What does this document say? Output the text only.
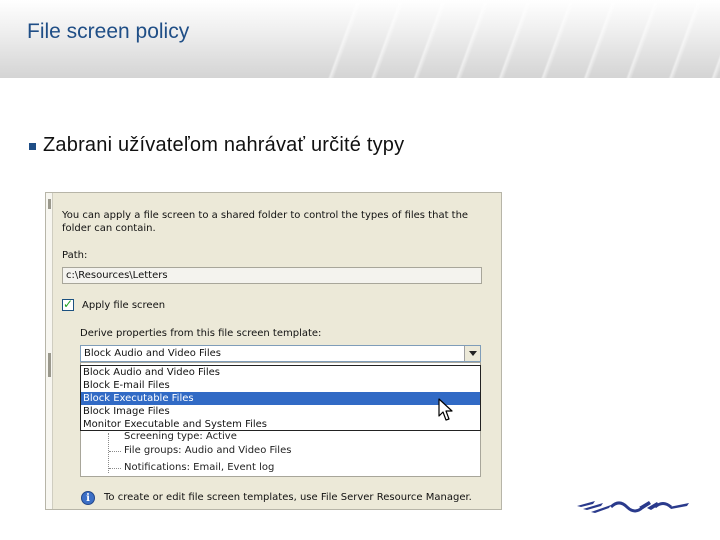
File screen policy
Zabrani užívateľom nahrávať určité typy
You can apply a file screen to a shared folder to control the types of files that the folder can contain.
Path:
c:\Resources\Letters
✓ Apply file screen
Derive properties from this file screen template:
Block Audio and Video Files
Screening type: Active
File groups: Audio and Video Files
Notifications: Email, Event log
Block Audio and Video Files
Block E-mail Files
Block Executable Files
Block Image Files
Monitor Executable and System Files
i	To create or edit file screen templates, use File Server Resource Manager.
